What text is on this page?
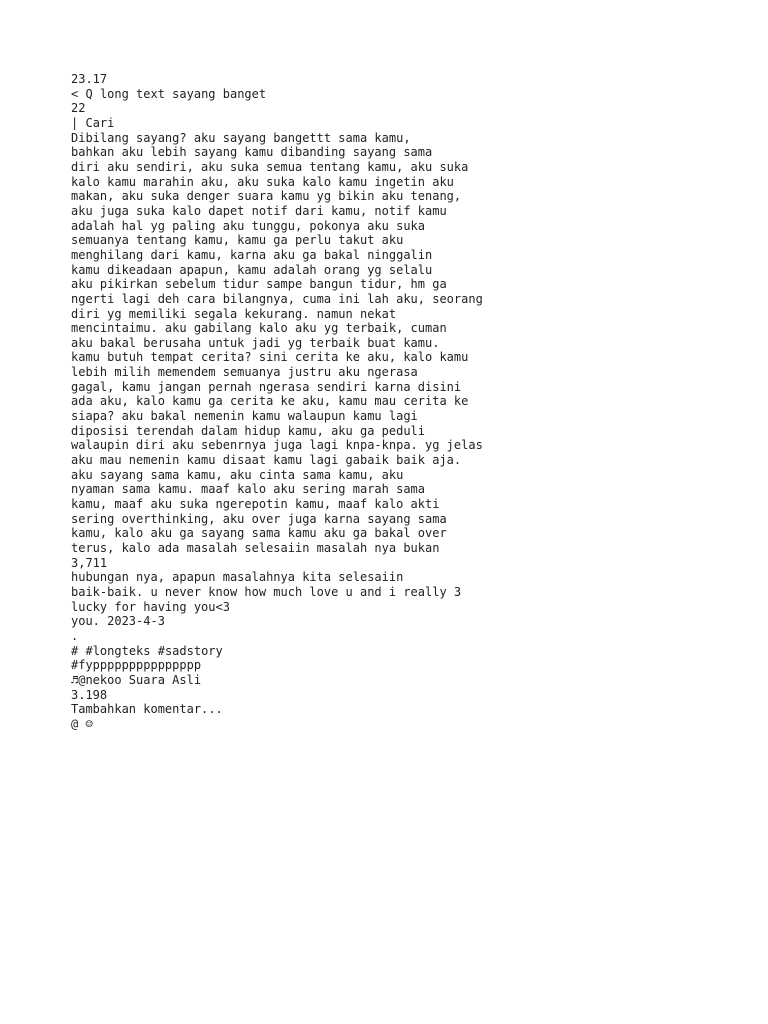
23.17
< Q long text sayang banget
22
| Cari
Dibilang sayang? aku sayang bangettt sama kamu,
bahkan aku lebih sayang kamu dibanding sayang sama
diri aku sendiri, aku suka semua tentang kamu, aku suka
kalo kamu marahin aku, aku suka kalo kamu ingetin aku
makan, aku suka denger suara kamu yg bikin aku tenang,
aku juga suka kalo dapet notif dari kamu, notif kamu
adalah hal yg paling aku tunggu, pokonya aku suka
semuanya tentang kamu, kamu ga perlu takut aku
menghilang dari kamu, karna aku ga bakal ninggalin
kamu dikeadaan apapun, kamu adalah orang yg selalu
aku pikirkan sebelum tidur sampe bangun tidur, hm ga
ngerti lagi deh cara bilangnya, cuma ini lah aku, seorang
diri yg memiliki segala kekurang. namun nekat
mencintaimu. aku gabilang kalo aku yg terbaik, cuman
aku bakal berusaha untuk jadi yg terbaik buat kamu.
kamu butuh tempat cerita? sini cerita ke aku, kalo kamu
lebih milih memendem semuanya justru aku ngerasa
gagal, kamu jangan pernah ngerasa sendiri karna disini
ada aku, kalo kamu ga cerita ke aku, kamu mau cerita ke
siapa? aku bakal nemenin kamu walaupun kamu lagi
diposisi terendah dalam hidup kamu, aku ga peduli
walaupin diri aku sebenrnya juga lagi knpa-knpa. yg jelas
aku mau nemenin kamu disaat kamu lagi gabaik baik aja.
aku sayang sama kamu, aku cinta sama kamu, aku
nyaman sama kamu. maaf kalo aku sering marah sama
kamu, maaf aku suka ngerepotin kamu, maaf kalo akti
sering overthinking, aku over juga karna sayang sama
kamu, kalo aku ga sayang sama kamu aku ga bakal over
terus, kalo ada masalah selesaiin masalah nya bukan
3,711
hubungan nya, apapun masalahnya kita selesaiin
baik-baik. u never know how much love u and i really 3
lucky for having you<3
you. 2023-4-3
.
# #longteks #sadstory
#fyppppppppppppppp
♬@nekoo Suara Asli
3.198
Tambahkan komentar...
@ ☺
